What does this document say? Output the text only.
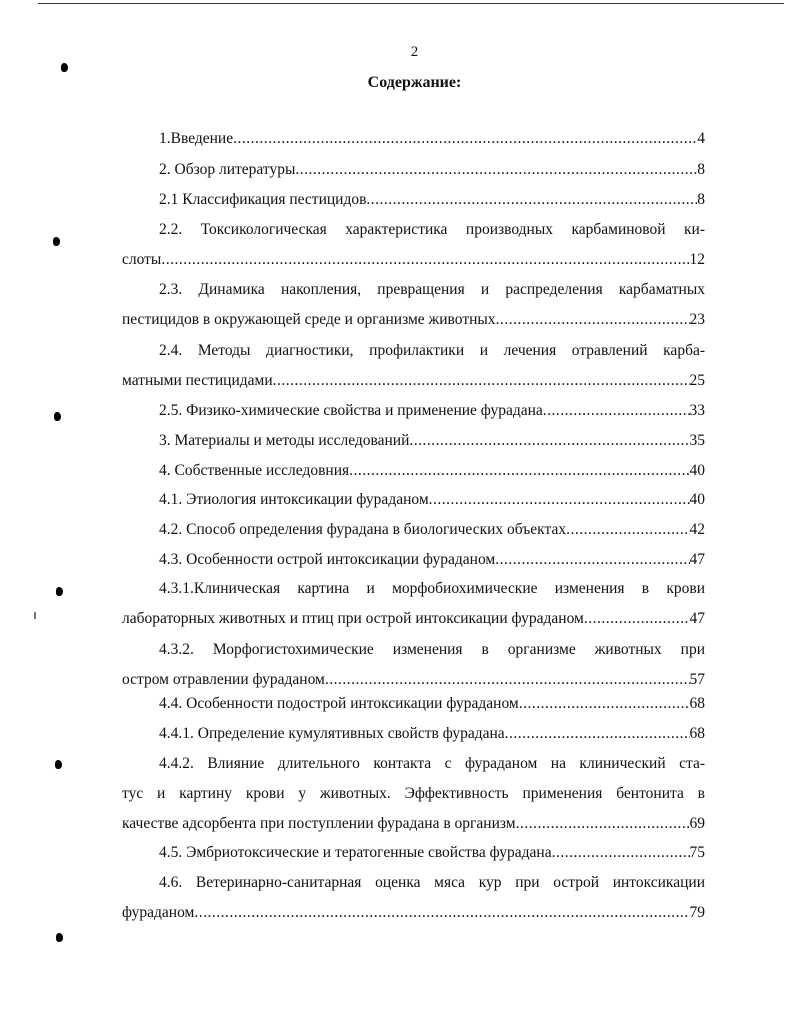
2
Содержание:
1.Введение .....	4
2. Обзор литературы .....	8
2.1 Классификация пестицидов .....	8
2.2. Токсикологическая характеристика производных карбаминовой ки-
слоты .....	12
2.3. Динамика накопления, превращения и распределения карбаматных
пестицидов в окружающей среде и организме животных .....	23
2.4. Методы диагностики, профилактики и лечения отравлений карба-
матными пестицидами .....	25
2.5. Физико-химические свойства и применение фурадана .....	33
3. Материалы и методы исследований .....	35
4. Собственные исследовния .....	40
4.1. Этиология интоксикации фураданом .....	40
4.2. Способ определения фурадана в биологических объектах .....	42
4.3. Особенности острой интоксикации фураданом .....	47
4.3.1.Клиническая картина и морфобиохимические изменения в крови
лабораторных животных и птиц при острой интоксикации фураданом .....	47
4.3.2. Морфогистохимические изменения в организме животных при
остром отравлении фураданом .....	57
4.4. Особенности подострой интоксикации фураданом .....	68
4.4.1. Определение кумулятивных свойств фурадана .....	68
4.4.2. Влияние длительного контакта с фураданом на клинический ста-
тус и картину крови у животных. Эффективность применения бентонита в
качестве адсорбента при поступлении фурадана в организм .....	69
4.5. Эмбриотоксические и тератогенные свойства фурадана .....	75
4.6. Ветеринарно-санитарная оценка мяса кур при острой интоксикации
фураданом .....	79
